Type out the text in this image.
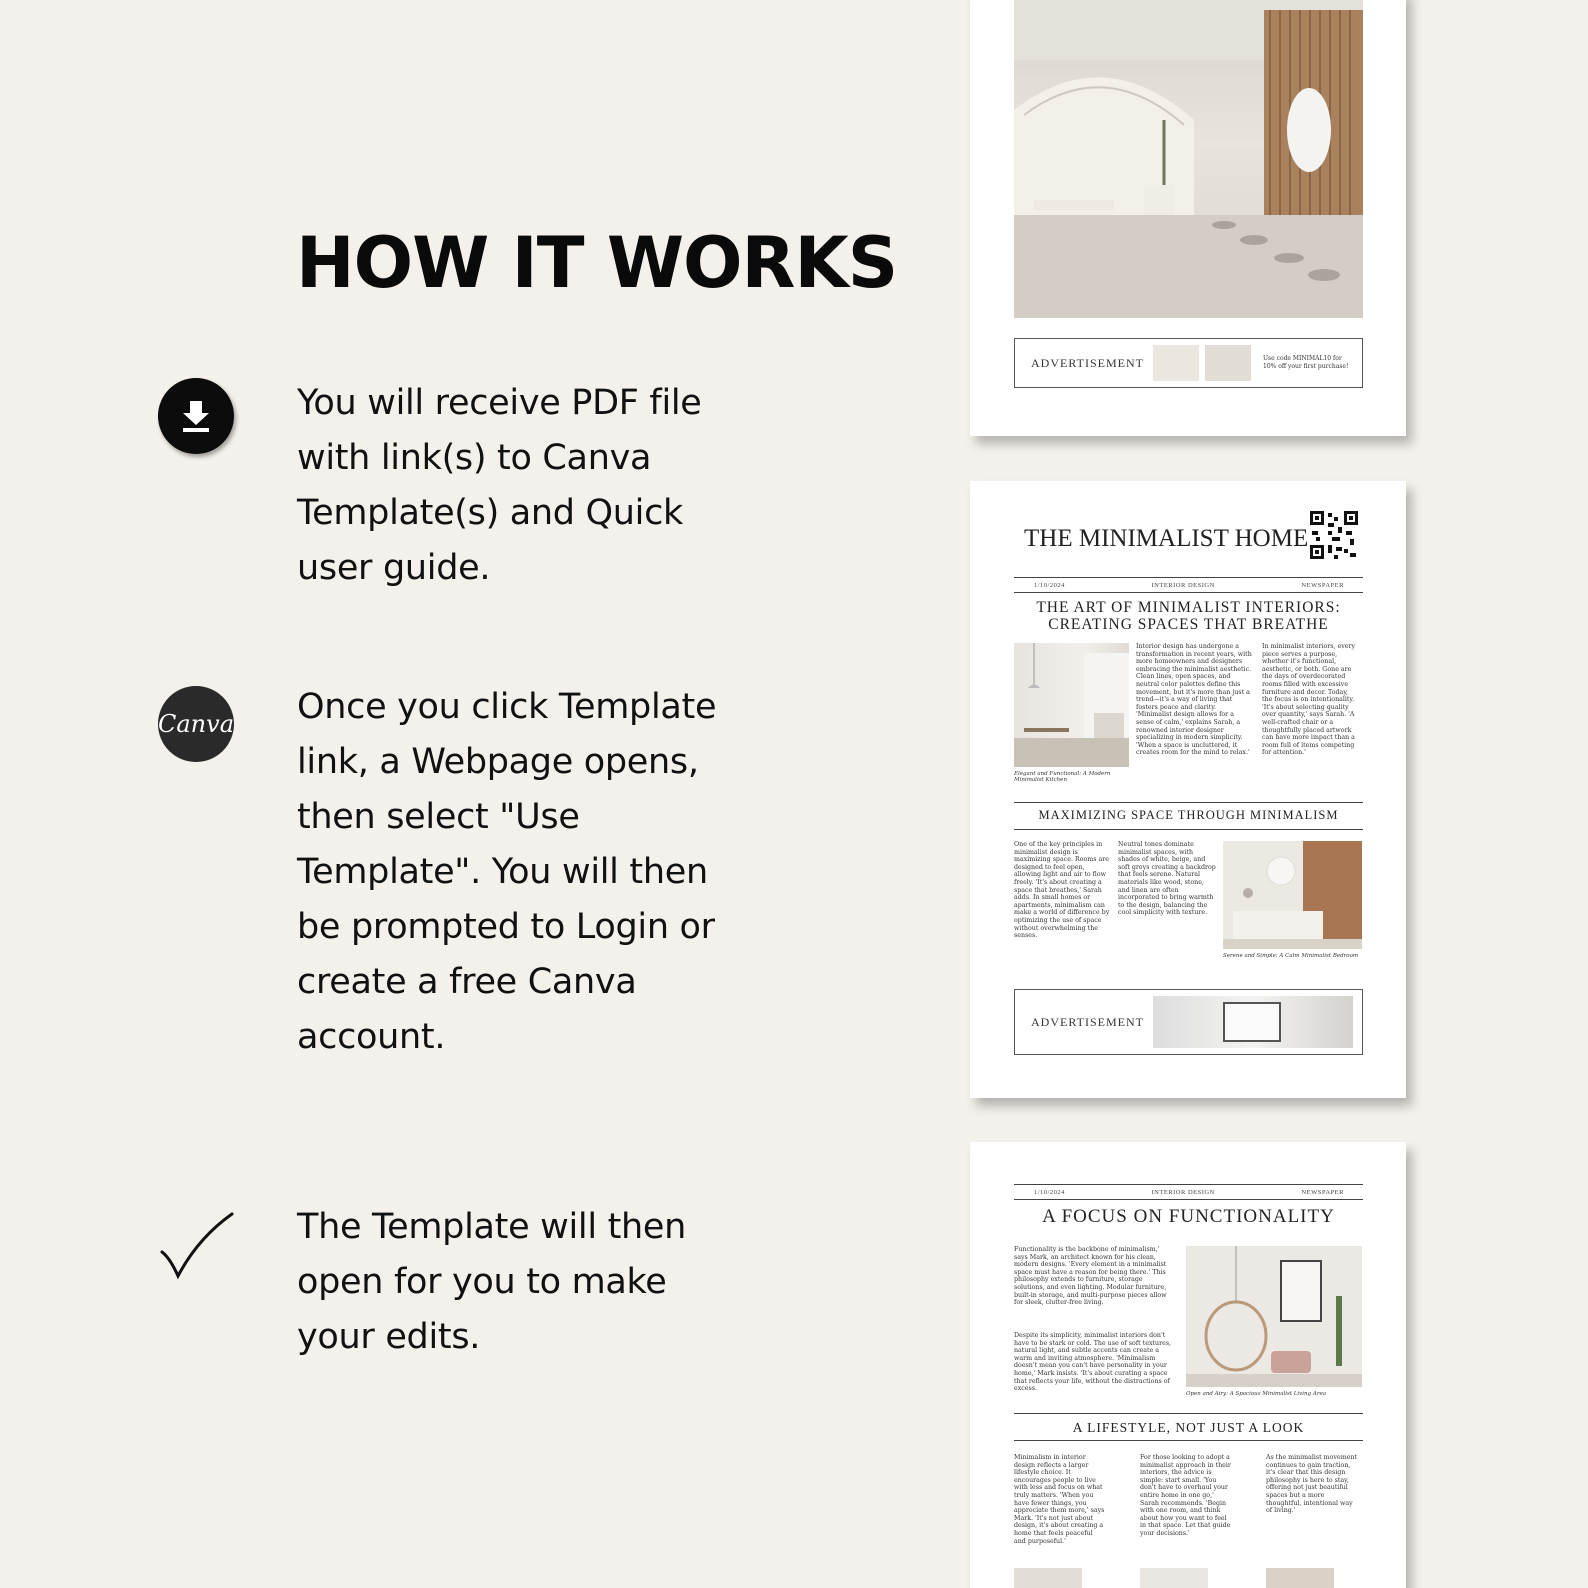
HOW IT WORKS
You will receive PDF file with link(s) to Canva Template(s) and Quick user guide.
Canva Once you click Template link, a Webpage opens, then select "Use Template". You will then be prompted to Login or create a free Canva account.
The Template will then open for you to make your edits.
ADVERTISEMENT	Use code MINIMAL10 for 10% off your first purchase!
THE MINIMALIST HOME
1/10/2024	INTERIOR DESIGN	NEWSPAPER
THE ART OF MINIMALIST INTERIORS: CREATING SPACES THAT BREATHE
Elegant and Functional: A Modern Minimalist Kitchen
Interior design has undergone a transformation in recent years, with more homeowners and designers embracing the minimalist aesthetic. Clean lines, open spaces, and neutral color palettes define this movement, but it's more than just a trend—it's a way of living that fosters peace and clarity. 'Minimalist design allows for a sense of calm,' explains Sarah, a renowned interior designer specializing in modern simplicity. 'When a space is uncluttered, it creates room for the mind to relax.'
In minimalist interiors, every piece serves a purpose, whether it's functional, aesthetic, or both. Gone are the days of overdecorated rooms filled with excessive furniture and decor. Today, the focus is on intentionality. 'It's about selecting quality over quantity,' says Sarah. 'A well-crafted chair or a thoughtfully placed artwork can have more impact than a room full of items competing for attention.'
MAXIMIZING SPACE THROUGH MINIMALISM
One of the key principles in minimalist design is maximizing space. Rooms are designed to feel open, allowing light and air to flow freely. 'It's about creating a space that breathes,' Sarah adds. In small homes or apartments, minimalism can make a world of difference by optimizing the use of space without overwhelming the senses.
Neutral tones dominate minimalist spaces, with shades of white, beige, and soft greys creating a backdrop that feels serene. Natural materials like wood, stone, and linen are often incorporated to bring warmth to the design, balancing the cool simplicity with texture.
Serene and Simple: A Calm Minimalist Bedroom
ADVERTISEMENT
1/10/2024	INTERIOR DESIGN	NEWSPAPER
A FOCUS ON FUNCTIONALITY
Functionality is the backbone of minimalism,' says Mark, an architect known for his clean, modern designs. 'Every element in a minimalist space must have a reason for being there.' This philosophy extends to furniture, storage solutions, and even lighting. Modular furniture, built-in storage, and multi-purpose pieces allow for sleek, clutter-free living.
Despite its simplicity, minimalist interiors don't have to be stark or cold. The use of soft textures, natural light, and subtle accents can create a warm and inviting atmosphere. 'Minimalism doesn't mean you can't have personality in your home,' Mark insists. 'It's about curating a space that reflects your life, without the distractions of excess.
Open and Airy: A Spacious Minimalist Living Area
A LIFESTYLE, NOT JUST A LOOK
Minimalism in interior design reflects a larger lifestyle choice. It encourages people to live with less and focus on what truly matters. 'When you have fewer things, you appreciate them more,' says Mark. 'It's not just about design, it's about creating a home that feels peaceful and purposeful.'
For those looking to adopt a minimalist approach in their interiors, the advice is simple: start small. 'You don't have to overhaul your entire home in one go,' Sarah recommends. 'Begin with one room, and think about how you want to feel in that space. Let that guide your decisions.'
As the minimalist movement continues to gain traction, it's clear that this design philosophy is here to stay, offering not just beautiful spaces but a more thoughtful, intentional way of living.'
